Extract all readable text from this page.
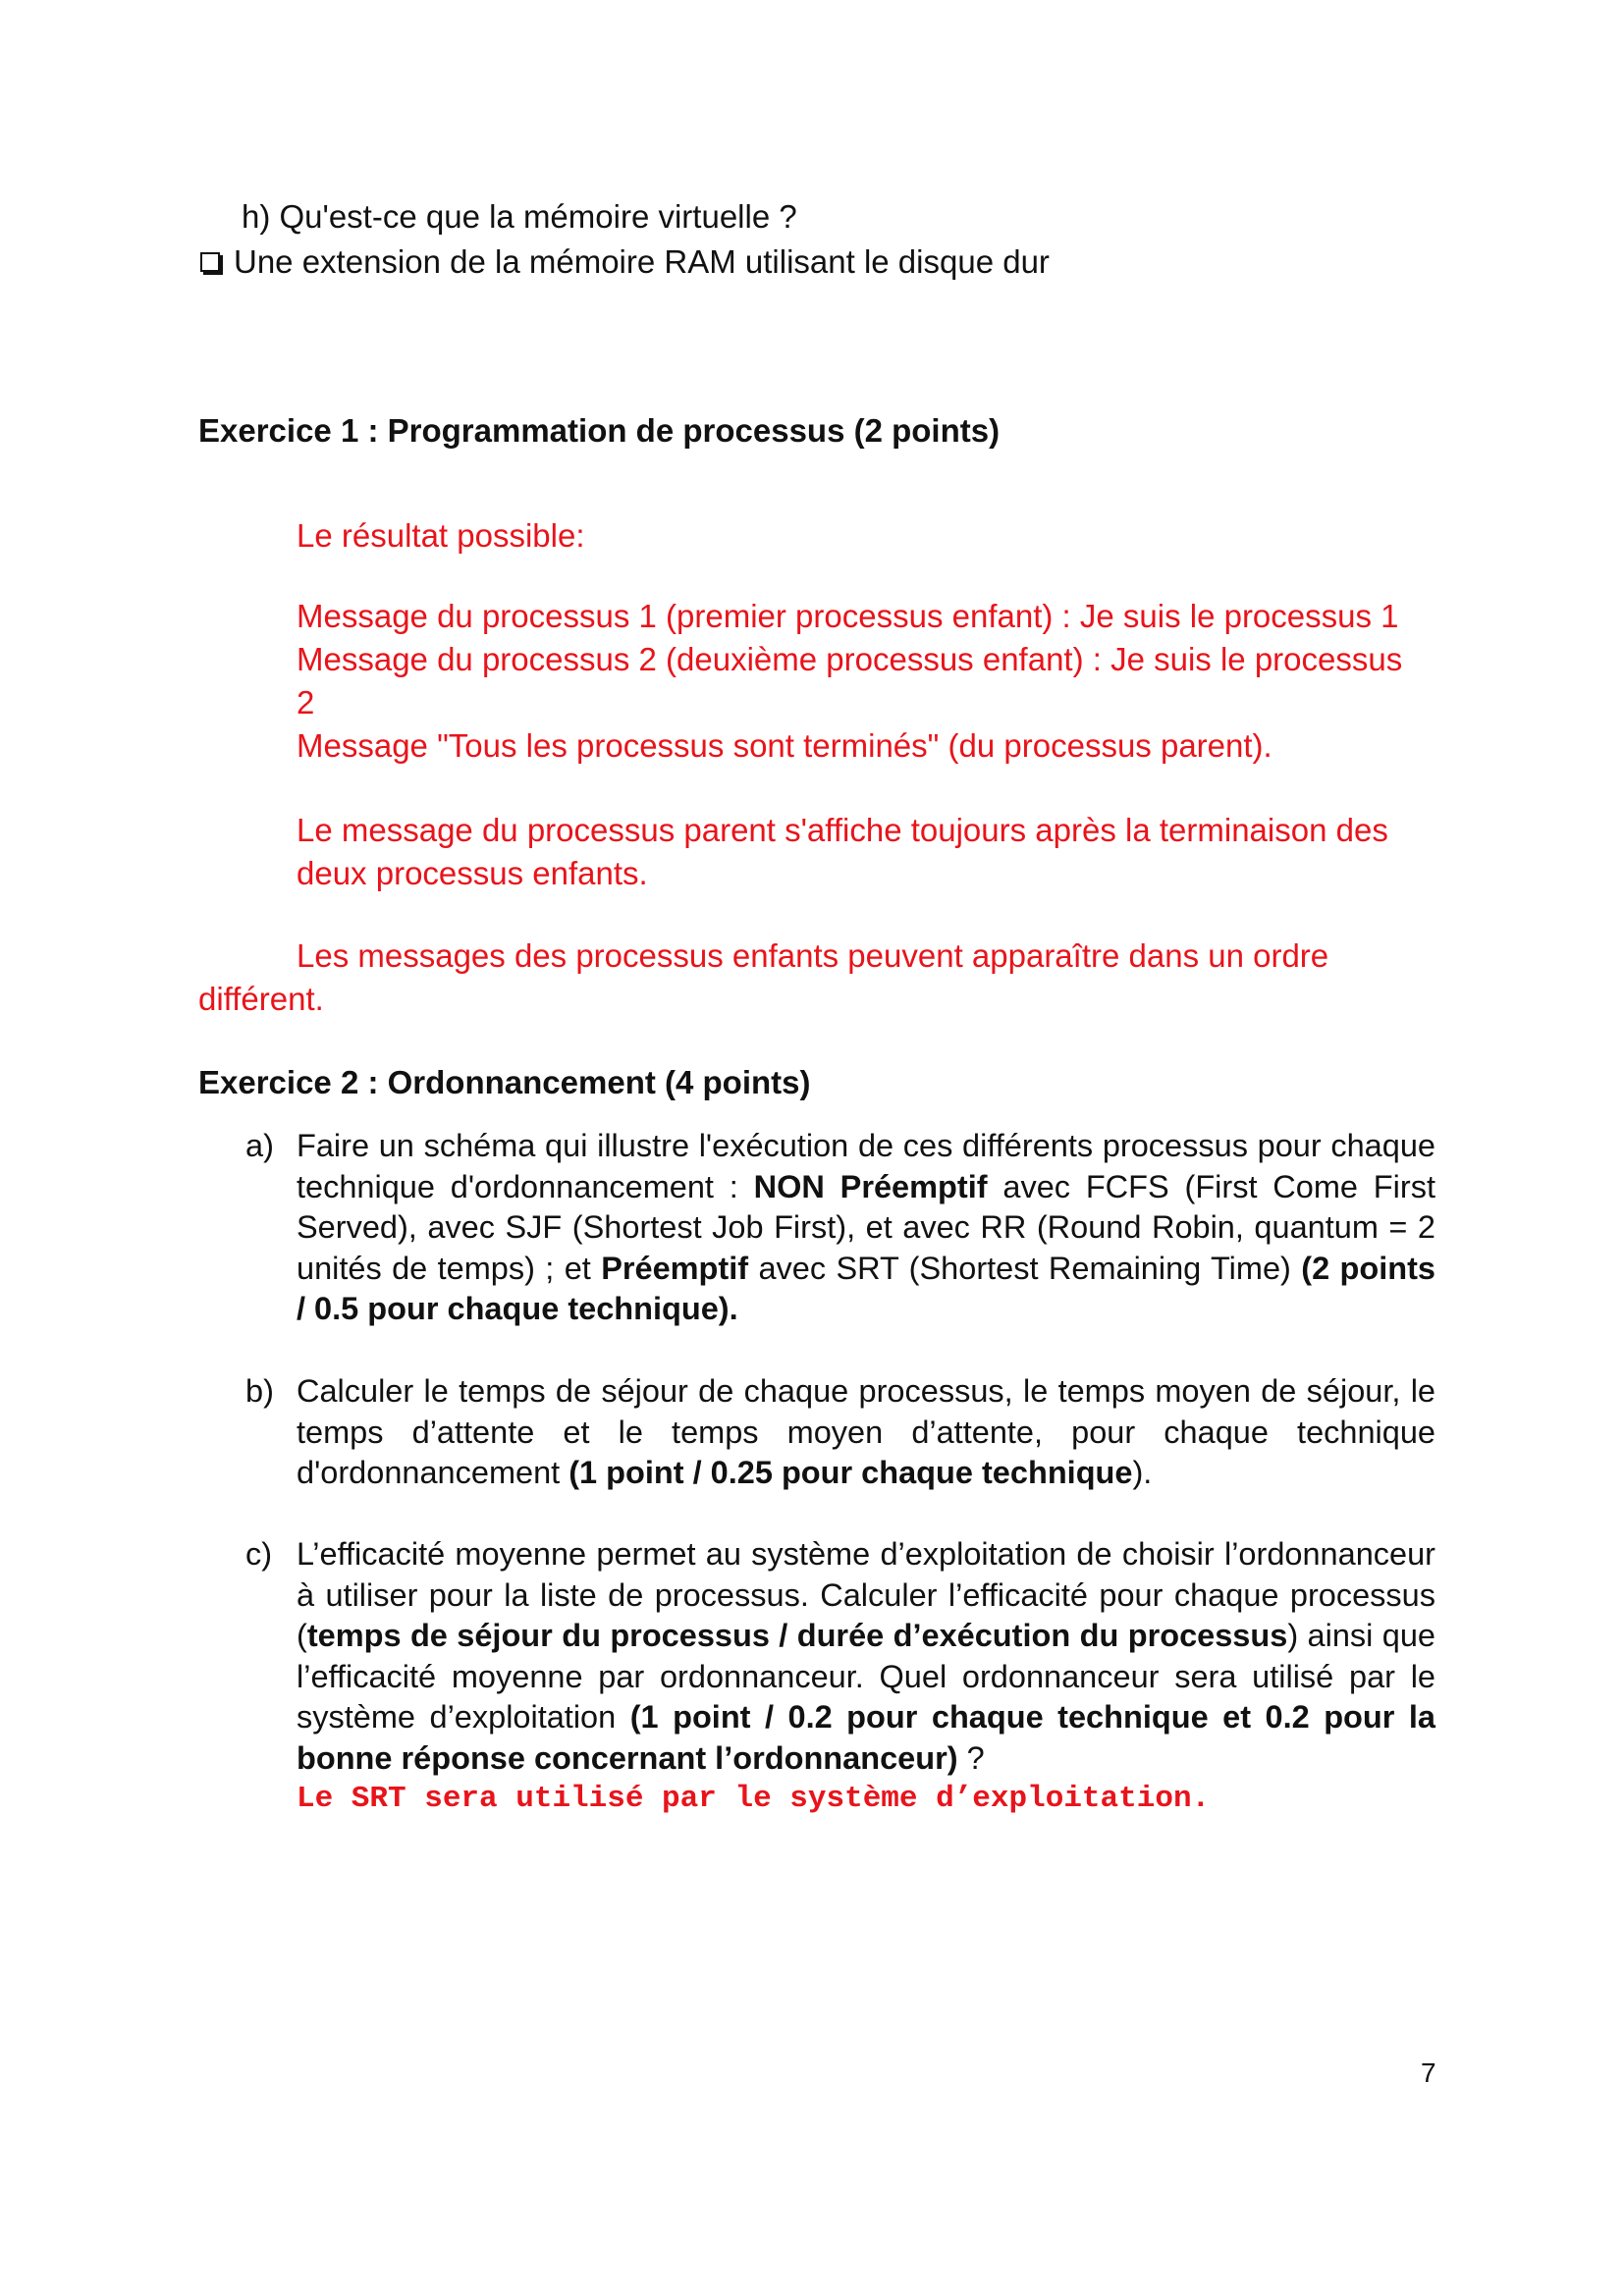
h) Qu'est-ce que la mémoire virtuelle ?
Une extension de la mémoire RAM utilisant le disque dur
Exercice 1 : Programmation de processus (2 points)
Le résultat possible:
Message du processus 1 (premier processus enfant) : Je suis le processus 1
Message du processus 2 (deuxième processus enfant) : Je suis le processus
2
Message "Tous les processus sont terminés" (du processus parent).
Le message du processus parent s'affiche toujours après la terminaison des
deux processus enfants.
Les messages des processus enfants peuvent apparaître dans un ordre
différent.
Exercice 2 : Ordonnancement (4 points)
a) Faire un schéma qui illustre l'exécution de ces différents processus pour chaque technique d'ordonnancement : NON Préemptif avec FCFS (First Come First Served), avec SJF (Shortest Job First), et avec RR (Round Robin, quantum = 2 unités de temps) ; et Préemptif avec SRT (Shortest Remaining Time) (2 points / 0.5 pour chaque technique).
b) Calculer le temps de séjour de chaque processus, le temps moyen de séjour, le temps d’attente et le temps moyen d’attente, pour chaque technique d'ordonnancement (1 point / 0.25 pour chaque technique).
c) L’efficacité moyenne permet au système d’exploitation de choisir l’ordonnanceur à utiliser pour la liste de processus. Calculer l’efficacité pour chaque processus (temps de séjour du processus / durée d’exécution du processus) ainsi que l’efficacité moyenne par ordonnanceur. Quel ordonnanceur sera utilisé par le système d’exploitation (1 point / 0.2 pour chaque technique et 0.2 pour la bonne réponse concernant l’ordonnanceur) ?
Le SRT sera utilisé par le système d’exploitation.
7
